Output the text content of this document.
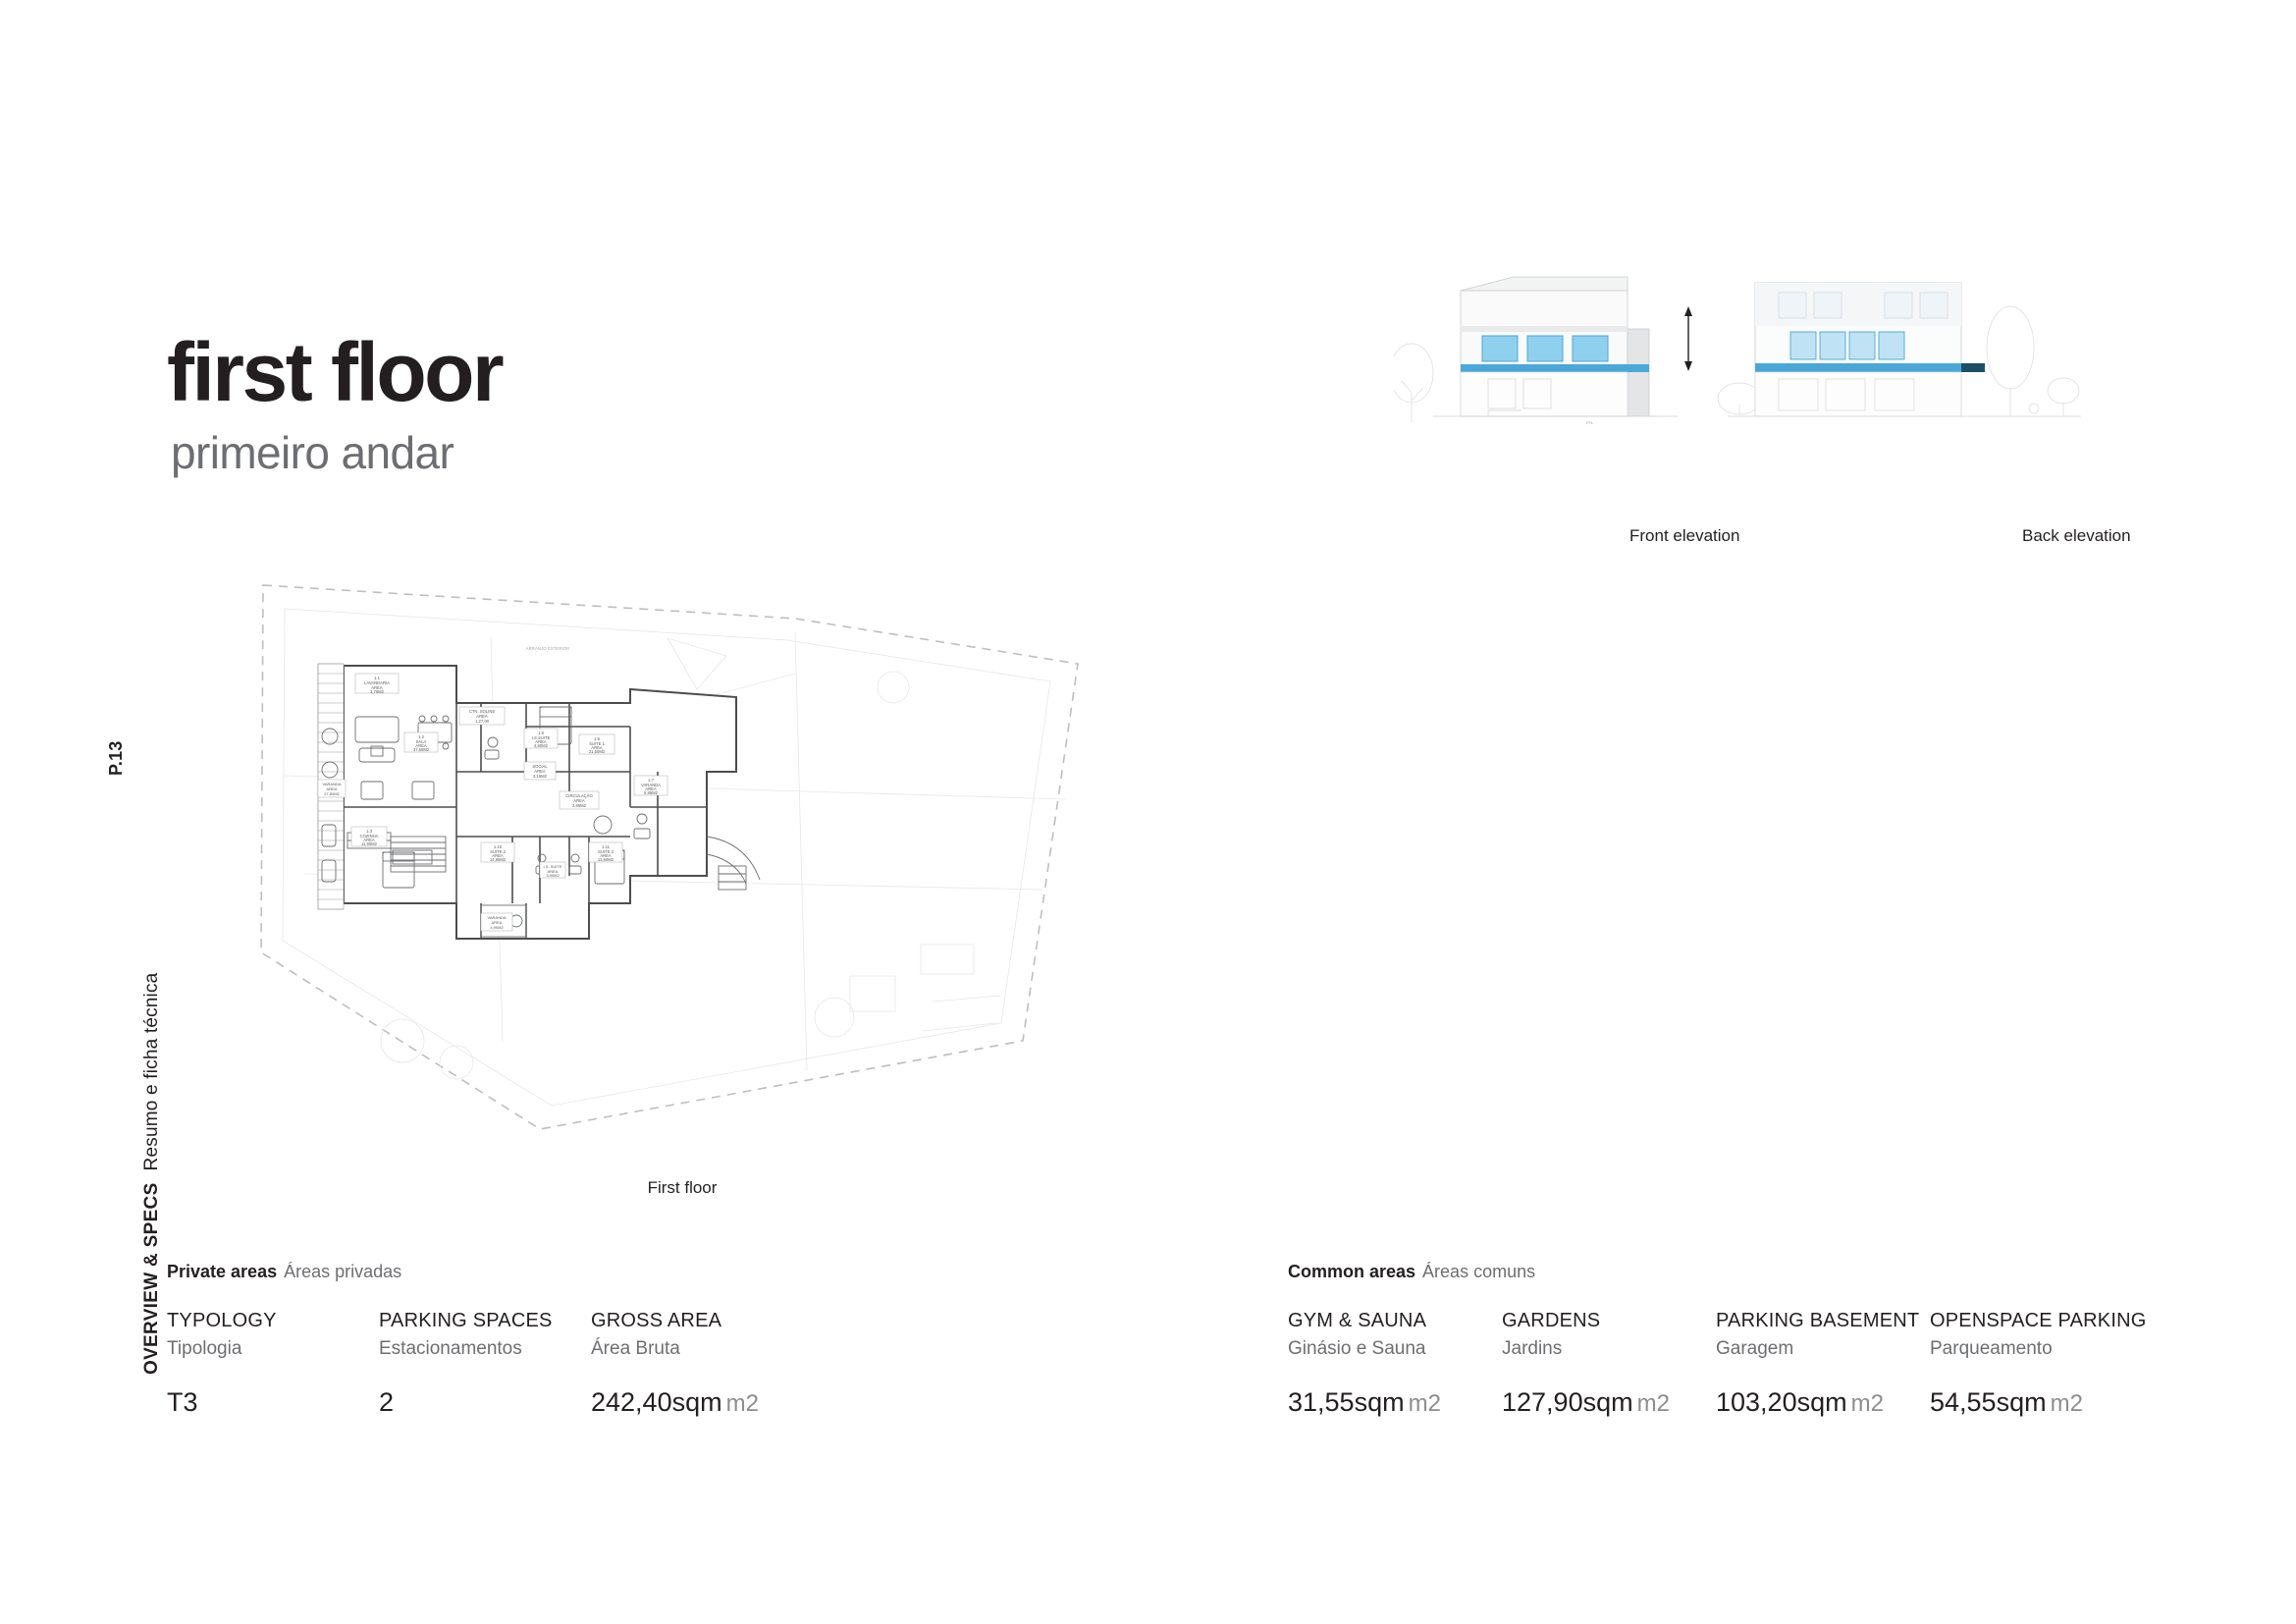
P.13
OVERVIEW & SPECSResumo e ficha técnica
first floor
primeiro andar
FFL
Front elevation	Back elevation
1.1
LAVANDARIA
AREA
3,70M2
1.2
SALA
AREA
37,55M2
CTN. SOLINS
AREA
1,27,00
1.5
I.S.SUITE
AREA
4,90M2
1.6
SUITE 1
AREA
21,50M2
1.7
VARANDA
AREA
5,95M2
CIRCULAÇÃO
AREA
3,95M2
SOCIAL
AREA
3,15M2
1.10
SUITE 2
AREA
14,95M2
1.11
SUITE 3
AREA
13,50M2
I.S. SUITE
AREA
3,90M2
1.3
COZINHA
AREA
11,90M2
VARANDA
AREA
27,80M2
VARANDA
AREA
4,90M2
ARRANJO EXTERIOR
First floor
Private areas Áreas privadas
TYPOLOGY
Tipologia
T3
PARKING SPACES
Estacionamentos
2
GROSS AREA
Área Bruta
242,40sqm m2
Common areas Áreas comuns
GYM & SAUNA
Ginásio e Sauna
31,55sqm m2
GARDENS
Jardins
127,90sqm m2
PARKING BASEMENT
Garagem
103,20sqm m2
OPENSPACE PARKING
Parqueamento
54,55sqm m2
